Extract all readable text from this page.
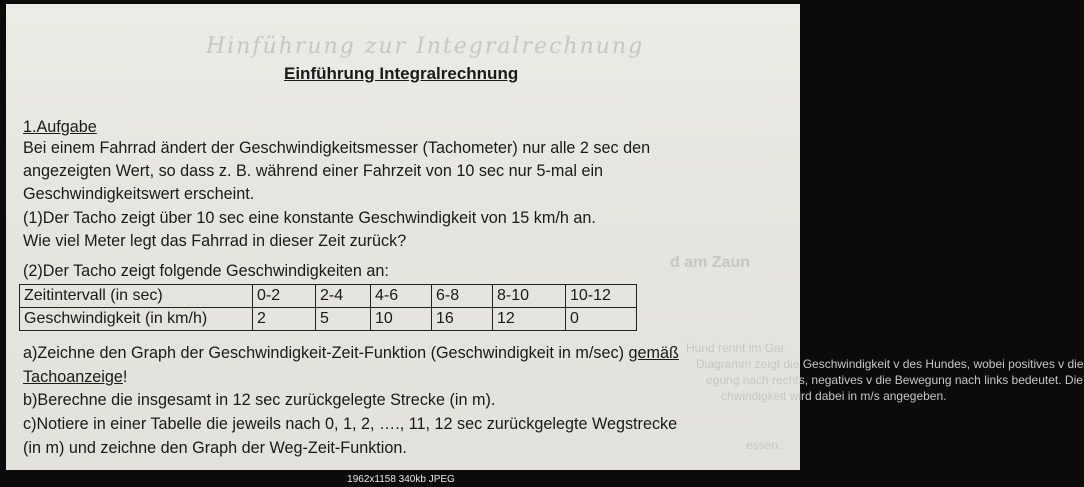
Hinführung zur Integralrechnung
d am Zaun
Hund rennt im Gar
Diagramm zeigt die Geschwindigkeit v des Hundes, wobei positives v die
egung nach rechts, negatives v die Bewegung nach links bedeutet. Die
chwindigkeit wird dabei in m/s angegeben.
essen.
Einführung Integralrechnung
1.Aufgabe
Bei einem Fahrrad ändert der Geschwindigkeitsmesser (Tachometer) nur alle 2 sec den
angezeigten Wert, so dass z. B. während einer Fahrzeit von 10 sec nur 5-mal ein
Geschwindigkeitswert erscheint.
(1)Der Tacho zeigt über 10 sec eine konstante Geschwindigkeit von 15 km/h an.
Wie viel Meter legt das Fahrrad in dieser Zeit zurück?
(2)Der Tacho zeigt folgende Geschwindigkeiten an:
Zeitintervall (in sec)	0-2	2-4	4-6	6-8	8-10	10-12
Geschwindigkeit (in km/h)	2	5	10	16	12	0
a)Zeichne den Graph der Geschwindigkeit-Zeit-Funktion (Geschwindigkeit in m/sec) gemäß
Tachoanzeige!
b)Berechne die insgesamt in 12 sec zurückgelegte Strecke (in m).
c)Notiere in einer Tabelle die jeweils nach 0, 1, 2, …., 11, 12 sec zurückgelegte Wegstrecke
(in m) und zeichne den Graph der Weg-Zeit-Funktion.
1962x1158 340kb JPEG
